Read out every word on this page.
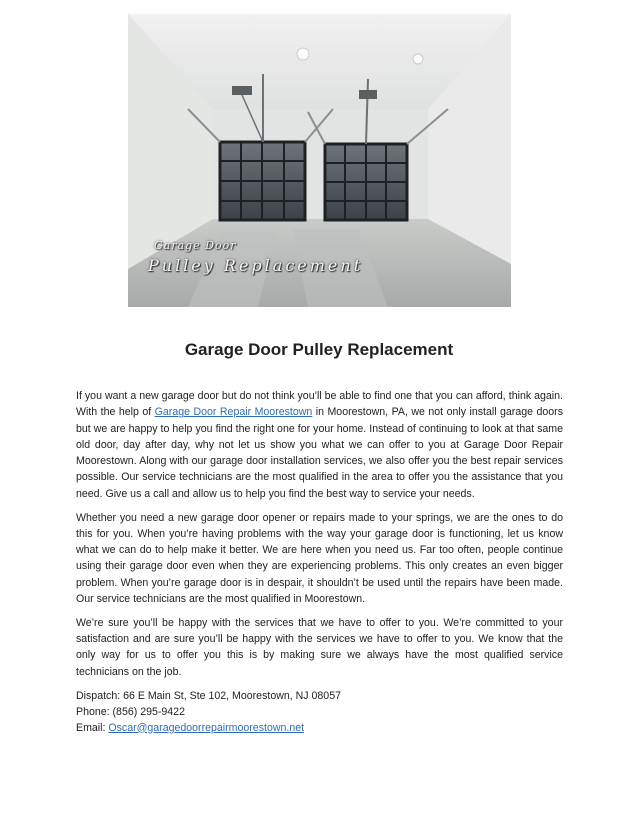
Garage Door
Pulley Replacement
Garage Door Pulley Replacement

If you want a new garage door but do not think you’ll be able to find one that you can afford, think again. With the help of Garage Door Repair Moorestown in Moorestown, PA, we not only install garage doors but we are happy to help you find the right one for your home. Instead of continuing to look at that same old door, day after day, why not let us show you what we can offer to you at Garage Door Repair Moorestown. Along with our garage door installation services, we also offer you the best repair services possible. Our service technicians are the most qualified in the area to offer you the assistance that you need. Give us a call and allow us to help you find the best way to service your needs.

Whether you need a new garage door opener or repairs made to your springs, we are the ones to do this for you. When you’re having problems with the way your garage door is functioning, let us know what we can do to help make it better. We are here when you need us. Far too often, people continue using their garage door even when they are experiencing problems. This only creates an even bigger problem. When you’re garage door is in despair, it shouldn’t be used until the repairs have been made. Our service technicians are the most qualified in Moorestown.

We’re sure you’ll be happy with the services that we have to offer to you. We’re committed to your satisfaction and are sure you’ll be happy with the services we have to offer to you. We know that the only way for us to offer you this is by making sure we always have the most qualified service technicians on the job.

Dispatch: 66 E Main St, Ste 102, Moorestown, NJ 08057
Phone: (856) 295-9422
Email: Oscar@garagedoorrepairmoorestown.net
